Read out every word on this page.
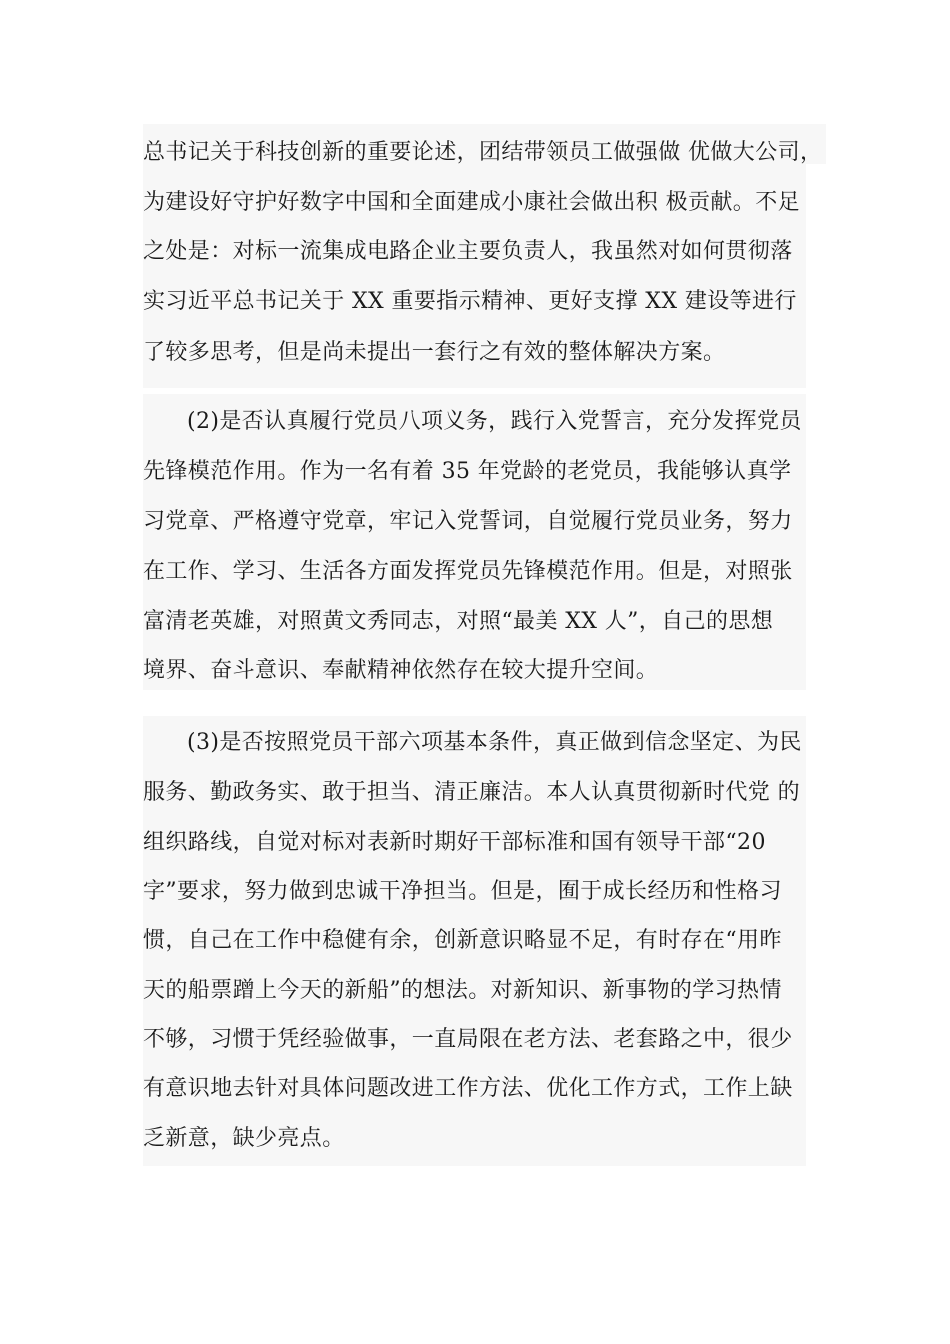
总书记关于科技创新的重要论述，团结带领员工做强做 优做大公司，
为建设好守护好数字中国和全面建成小康社会做出积 极贡献。不足
之处是：对标一流集成电路企业主要负责人，我虽然对如何贯彻落
实习近平总书记关于 XX 重要指示精神、更好支撑 XX 建设等进行
了较多思考，但是尚未提出一套行之有效的整体解决方案。
(2)是否认真履行党员八项义务，践行入党誓言，充分发挥党员
先锋模范作用。作为一名有着 35 年党龄的老党员，我能够认真学
习党章、严格遵守党章，牢记入党誓词，自觉履行党员业务，努力
在工作、学习、生活各方面发挥党员先锋模范作用。但是，对照张
富清老英雄，对照黄文秀同志，对照“最美 XX 人”，自己的思想
境界、奋斗意识、奉献精神依然存在较大提升空间。
(3)是否按照党员干部六项基本条件，真正做到信念坚定、为民
服务、勤政务实、敢于担当、清正廉洁。本人认真贯彻新时代党 的
组织路线，自觉对标对表新时期好干部标准和国有领导干部“20
字”要求，努力做到忠诚干净担当。但是，囿于成长经历和性格习
惯，自己在工作中稳健有余，创新意识略显不足，有时存在“用昨
天的船票蹭上今天的新船”的想法。对新知识、新事物的学习热情
不够，习惯于凭经验做事，一直局限在老方法、老套路之中，很少
有意识地去针对具体问题改进工作方法、优化工作方式，工作上缺
乏新意，缺少亮点。
